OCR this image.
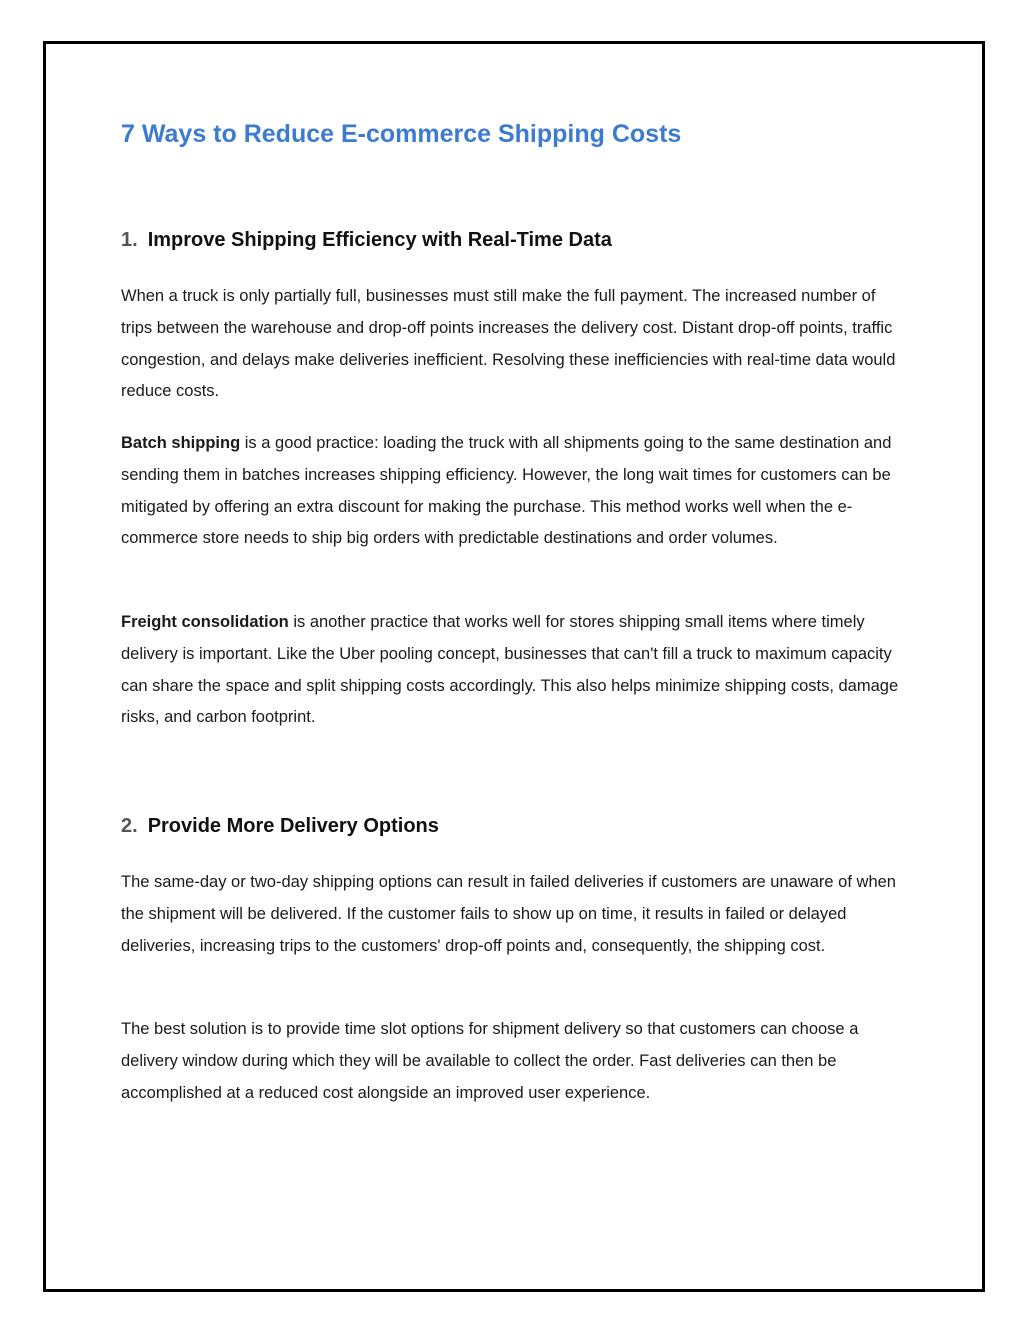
7 Ways to Reduce E-commerce Shipping Costs
1. Improve Shipping Efficiency with Real-Time Data

When a truck is only partially full, businesses must still make the full payment. The increased number of trips between the warehouse and drop-off points increases the delivery cost. Distant drop-off points, traffic congestion, and delays make deliveries inefficient. Resolving these inefficiencies with real-time data would reduce costs.

Batch shipping is a good practice: loading the truck with all shipments going to the same destination and sending them in batches increases shipping efficiency. However, the long wait times for customers can be mitigated by offering an extra discount for making the purchase. This method works well when the e-commerce store needs to ship big orders with predictable destinations and order volumes.

Freight consolidation is another practice that works well for stores shipping small items where timely delivery is important. Like the Uber pooling concept, businesses that can't fill a truck to maximum capacity can share the space and split shipping costs accordingly. This also helps minimize shipping costs, damage risks, and carbon footprint.

2. Provide More Delivery Options

The same-day or two-day shipping options can result in failed deliveries if customers are unaware of when the shipment will be delivered. If the customer fails to show up on time, it results in failed or delayed deliveries, increasing trips to the customers' drop-off points and, consequently, the shipping cost.

The best solution is to provide time slot options for shipment delivery so that customers can choose a delivery window during which they will be available to collect the order. Fast deliveries can then be accomplished at a reduced cost alongside an improved user experience.
